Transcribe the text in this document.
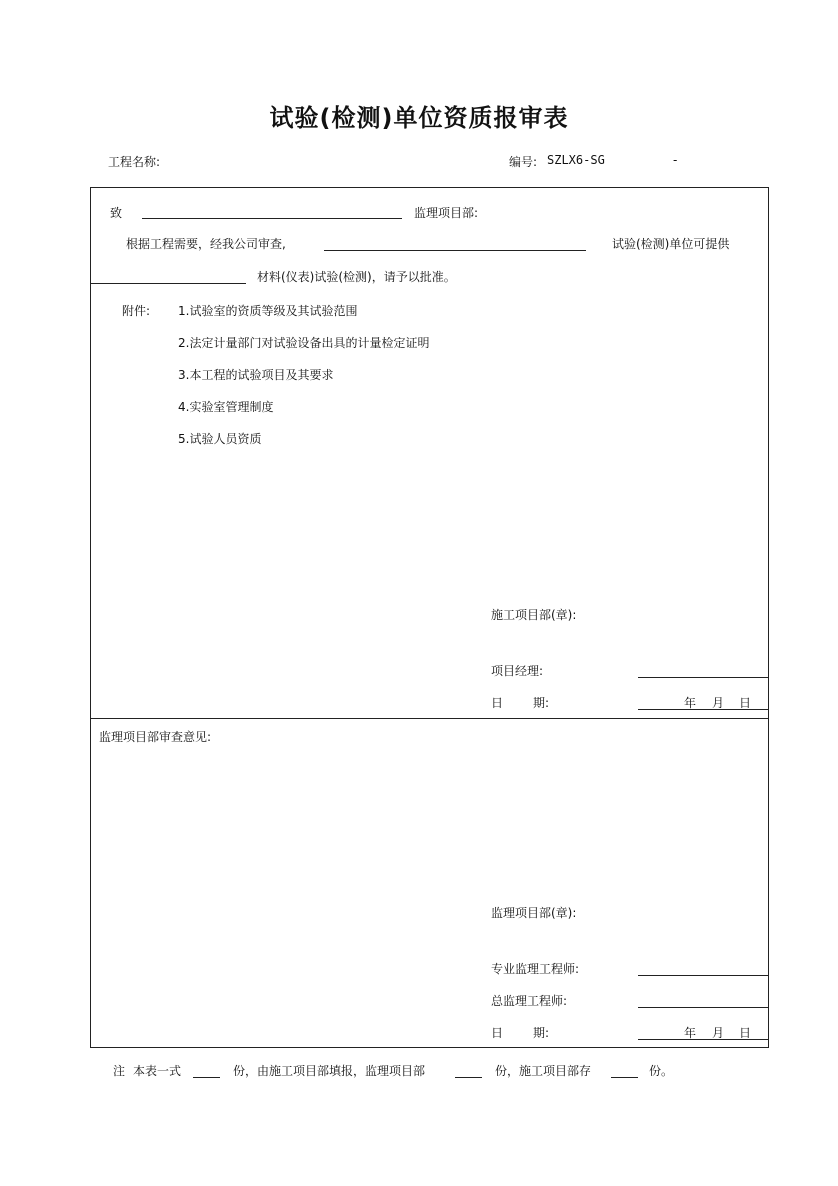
试验(检测)单位资质报审表
工程名称:	编号: SZLX6-SG	-
致	监理项目部:
根据工程需要，经我公司审查,	试验(检测)单位可提供
材料(仪表)试验(检测)，请予以批准。
附件: 1.试验室的资质等级及其试验范围
2.法定计量部门对试验设备出具的计量检定证明
3.本工程的试验项目及其要求
4.实验室管理制度
5.试验人员资质
施工项目部(章):
项目经理:
日 期:	年 月 日
监理项目部审查意见:
监理项目部(章):
专业监理工程师:
总监理工程师:
日 期:	年 月 日
注 本表一式	份，由施工项目部填报，监理项目部	份，施工项目部存	份。
